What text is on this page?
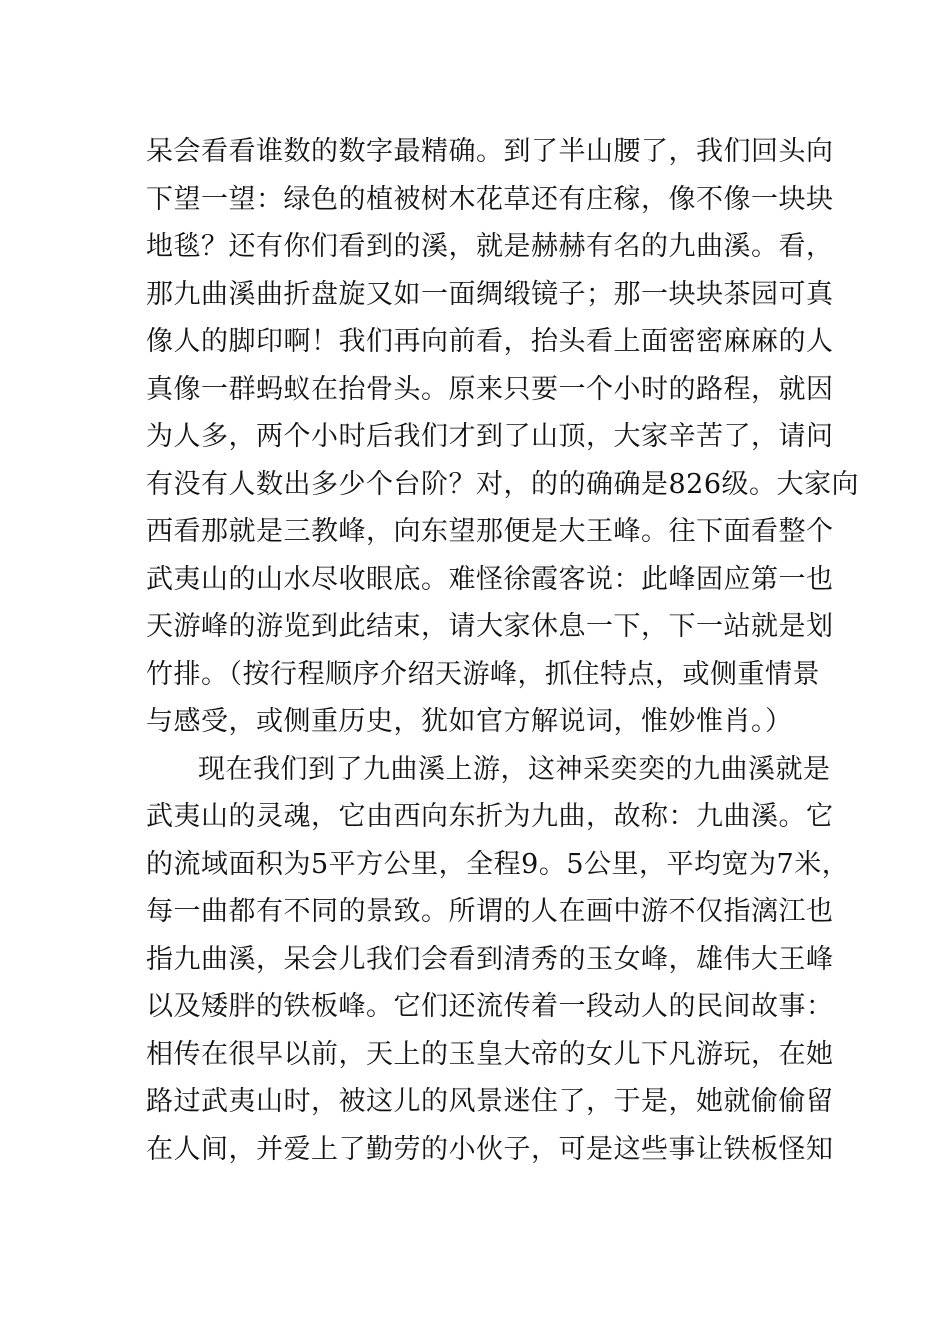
呆会看看谁数的数字最精确。到了半山腰了，我们回头向
下望一望：绿色的植被树木花草还有庄稼，像不像一块块
地毯？还有你们看到的溪，就是赫赫有名的九曲溪。看，
那九曲溪曲折盘旋又如一面绸缎镜子；那一块块茶园可真
像人的脚印啊！我们再向前看，抬头看上面密密麻麻的人
真像一群蚂蚁在抬骨头。原来只要一个小时的路程，就因
为人多，两个小时后我们才到了山顶，大家辛苦了，请问
有没有人数出多少个台阶？对，的的确确是826级。大家向
西看那就是三教峰，向东望那便是大王峰。往下面看整个
武夷山的山水尽收眼底。难怪徐霞客说：此峰固应第一也
天游峰的游览到此结束，请大家休息一下，下一站就是划
竹排。（按行程顺序介绍天游峰，抓住特点，或侧重情景
与感受，或侧重历史，犹如官方解说词，惟妙惟肖。）
现在我们到了九曲溪上游，这神采奕奕的九曲溪就是
武夷山的灵魂，它由西向东折为九曲，故称：九曲溪。它
的流域面积为5平方公里，全程9。5公里，平均宽为7米，
每一曲都有不同的景致。所谓的人在画中游不仅指漓江也
指九曲溪，呆会儿我们会看到清秀的玉女峰，雄伟大王峰
以及矮胖的铁板峰。它们还流传着一段动人的民间故事：
相传在很早以前，天上的玉皇大帝的女儿下凡游玩，在她
路过武夷山时，被这儿的风景迷住了，于是，她就偷偷留
在人间，并爱上了勤劳的小伙子，可是这些事让铁板怪知
